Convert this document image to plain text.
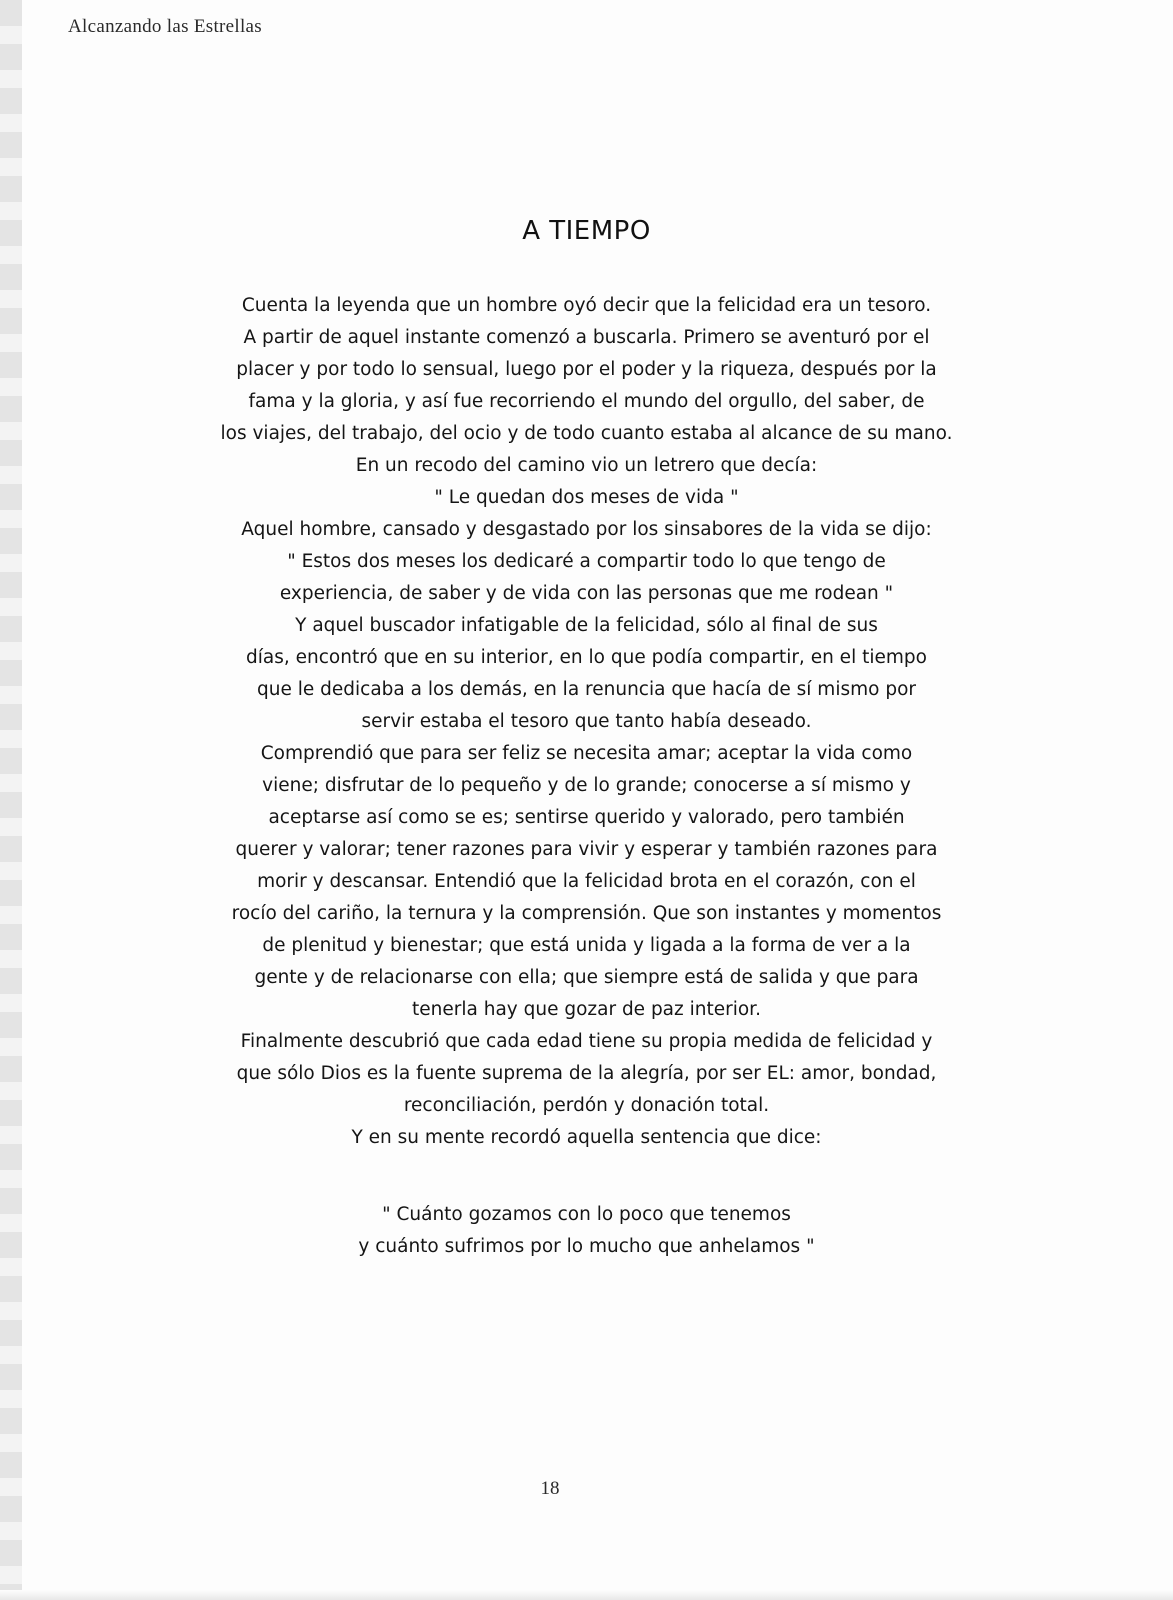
Alcanzando las Estrellas
A TIEMPO
Cuenta la leyenda que un hombre oyó decir que la felicidad era un tesoro.
A partir de aquel instante comenzó a buscarla. Primero se aventuró por el
placer y por todo lo sensual, luego por el poder y la riqueza, después por la
fama y la gloria, y así fue recorriendo el mundo del orgullo, del saber, de
los viajes, del trabajo, del ocio y de todo cuanto estaba al alcance de su mano.
En un recodo del camino vio un letrero que decía:
" Le quedan dos meses de vida "
Aquel hombre, cansado y desgastado por los sinsabores de la vida se dijo:
" Estos dos meses los dedicaré a compartir todo lo que tengo de
experiencia, de saber y de vida con las personas que me rodean "
Y aquel buscador infatigable de la felicidad, sólo al final de sus
días, encontró que en su interior, en lo que podía compartir, en el tiempo
que le dedicaba a los demás, en la renuncia que hacía de sí mismo por
servir estaba el tesoro que tanto había deseado.
Comprendió que para ser feliz se necesita amar; aceptar la vida como
viene; disfrutar de lo pequeño y de lo grande; conocerse a sí mismo y
aceptarse así como se es; sentirse querido y valorado, pero también
querer y valorar; tener razones para vivir y esperar y también razones para
morir y descansar. Entendió que la felicidad brota en el corazón, con el
rocío del cariño, la ternura y la comprensión. Que son instantes y momentos
de plenitud y bienestar; que está unida y ligada a la forma de ver a la
gente y de relacionarse con ella; que siempre está de salida y que para
tenerla hay que gozar de paz interior.
Finalmente descubrió que cada edad tiene su propia medida de felicidad y
que sólo Dios es la fuente suprema de la alegría, por ser EL: amor, bondad,
reconciliación, perdón y donación total.
Y en su mente recordó aquella sentencia que dice:
" Cuánto gozamos con lo poco que tenemos
y cuánto sufrimos por lo mucho que anhelamos "
18
